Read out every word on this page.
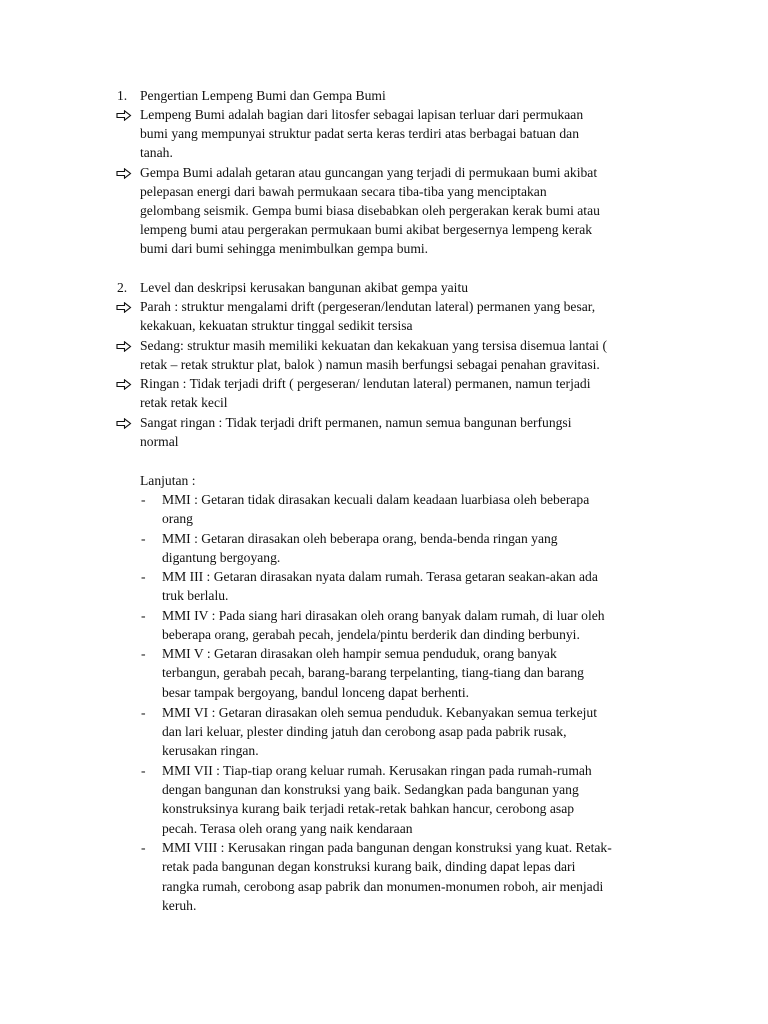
1. Pengertian Lempeng Bumi dan Gempa Bumi
Lempeng Bumi adalah bagian dari litosfer sebagai lapisan terluar dari permukaan
bumi yang mempunyai struktur padat serta keras terdiri atas berbagai batuan dan
tanah.
Gempa Bumi adalah getaran atau guncangan yang terjadi di permukaan bumi akibat
pelepasan energi dari bawah permukaan secara tiba-tiba yang menciptakan
gelombang seismik. Gempa bumi biasa disebabkan oleh pergerakan kerak bumi atau
lempeng bumi atau pergerakan permukaan bumi akibat bergesernya lempeng kerak
bumi dari bumi sehingga menimbulkan gempa bumi.
2. Level dan deskripsi kerusakan bangunan akibat gempa yaitu
Parah : struktur mengalami drift (pergeseran/lendutan lateral) permanen yang besar,
kekakuan, kekuatan struktur tinggal sedikit tersisa
Sedang: struktur masih memiliki kekuatan dan kekakuan yang tersisa disemua lantai (
retak – retak struktur plat, balok ) namun masih berfungsi sebagai penahan gravitasi.
Ringan : Tidak terjadi drift ( pergeseran/ lendutan lateral) permanen, namun terjadi
retak retak kecil
Sangat ringan : Tidak terjadi drift permanen, namun semua bangunan berfungsi
normal
Lanjutan :
- MMI : Getaran tidak dirasakan kecuali dalam keadaan luarbiasa oleh beberapa
orang
- MMI : Getaran dirasakan oleh beberapa orang, benda-benda ringan yang
digantung bergoyang.
- MM III : Getaran dirasakan nyata dalam rumah. Terasa getaran seakan-akan ada
truk berlalu.
- MMI IV : Pada siang hari dirasakan oleh orang banyak dalam rumah, di luar oleh
beberapa orang, gerabah pecah, jendela/pintu berderik dan dinding berbunyi.
- MMI V : Getaran dirasakan oleh hampir semua penduduk, orang banyak
terbangun, gerabah pecah, barang-barang terpelanting, tiang-tiang dan barang
besar tampak bergoyang, bandul lonceng dapat berhenti.
- MMI VI : Getaran dirasakan oleh semua penduduk. Kebanyakan semua terkejut
dan lari keluar, plester dinding jatuh dan cerobong asap pada pabrik rusak,
kerusakan ringan.
- MMI VII : Tiap-tiap orang keluar rumah. Kerusakan ringan pada rumah-rumah
dengan bangunan dan konstruksi yang baik. Sedangkan pada bangunan yang
konstruksinya kurang baik terjadi retak-retak bahkan hancur, cerobong asap
pecah. Terasa oleh orang yang naik kendaraan
- MMI VIII : Kerusakan ringan pada bangunan dengan konstruksi yang kuat. Retak-
retak pada bangunan degan konstruksi kurang baik, dinding dapat lepas dari
rangka rumah, cerobong asap pabrik dan monumen-monumen roboh, air menjadi
keruh.
